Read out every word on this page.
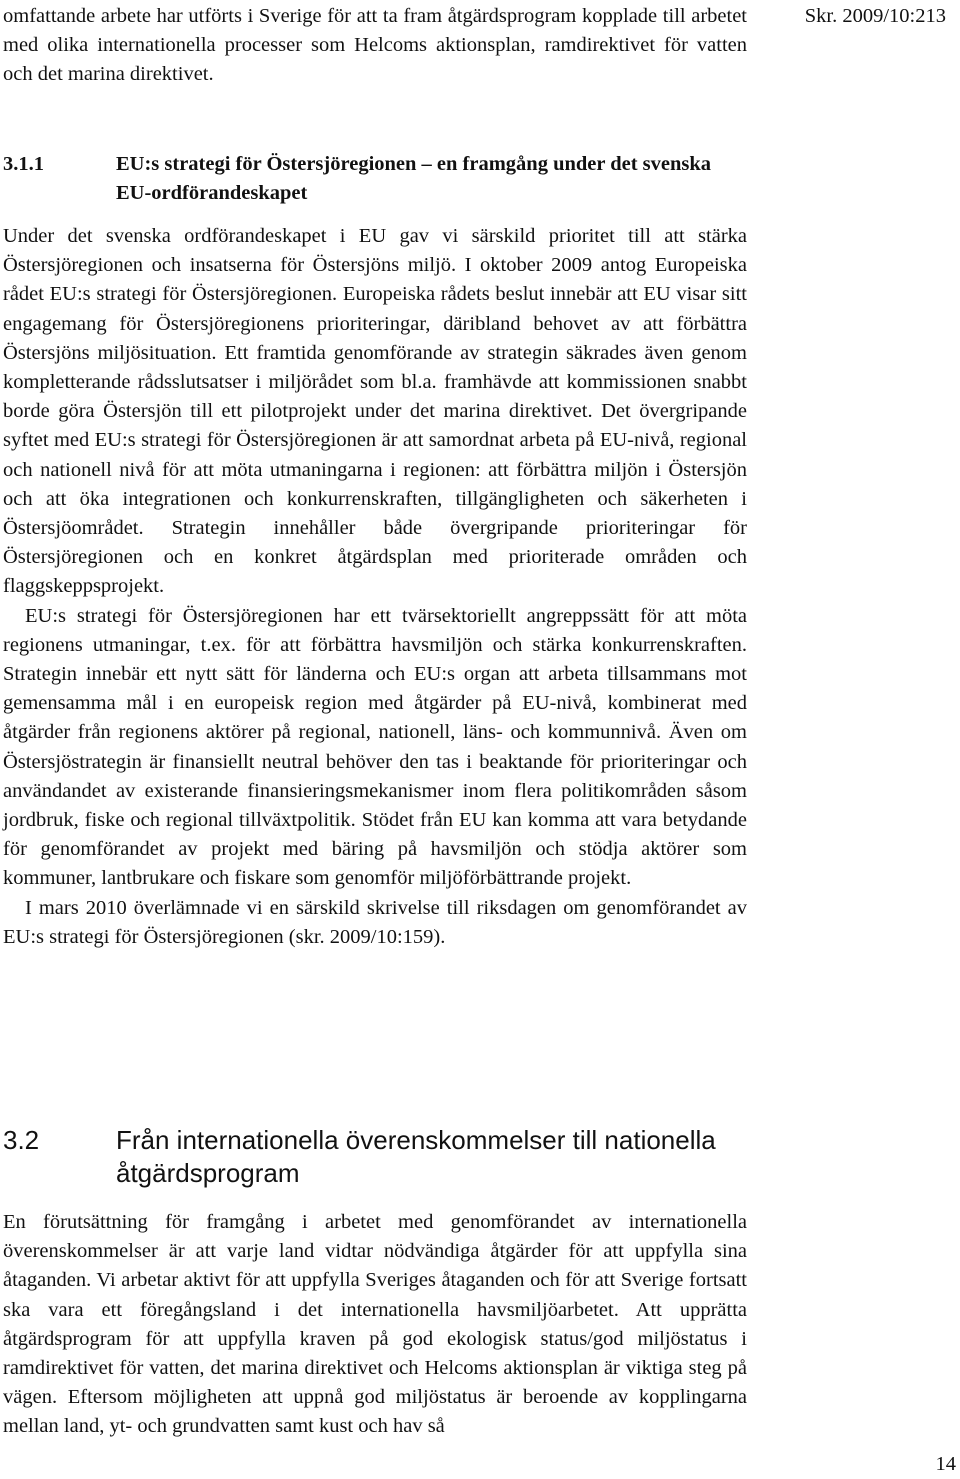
Skr. 2009/10:213

omfattande arbete har utförts i Sverige för att ta fram åtgärdsprogram kopplade till arbetet med olika internationella processer som Helcoms aktionsplan, ramdirektivet för vatten och det marina direktivet.

3.1.1	EU:s strategi för Östersjöregionen – en framgång under det svenska EU-ordförandeskapet

Under det svenska ordförandeskapet i EU gav vi särskild prioritet till att stärka Östersjöregionen och insatserna för Östersjöns miljö. I oktober 2009 antog Europeiska rådet EU:s strategi för Östersjöregionen. Europeiska rådets beslut innebär att EU visar sitt engagemang för Östersjöregionens prioriteringar, däribland behovet av att förbättra Östersjöns miljösituation. Ett framtida genomförande av strategin säkrades även genom kompletterande rådsslutsatser i miljörådet som bl.a. framhävde att kommissionen snabbt borde göra Östersjön till ett pilotprojekt under det marina direktivet. Det övergripande syftet med EU:s strategi för Östersjöregionen är att samordnat arbeta på EU-nivå, regional och nationell nivå för att möta utmaningarna i regionen: att förbättra miljön i Östersjön och att öka integrationen och konkurrenskraften, tillgängligheten och säkerheten i Östersjöområdet. Strategin innehåller både övergripande prioriteringar för Östersjöregionen och en konkret åtgärdsplan med prioriterade områden och flaggskeppsprojekt.

EU:s strategi för Östersjöregionen har ett tvärsektoriellt angreppssätt för att möta regionens utmaningar, t.ex. för att förbättra havsmiljön och stärka konkurrenskraften. Strategin innebär ett nytt sätt för länderna och EU:s organ att arbeta tillsammans mot gemensamma mål i en europeisk region med åtgärder på EU-nivå, kombinerat med åtgärder från regionens aktörer på regional, nationell, läns- och kommunnivå. Även om Östersjöstrategin är finansiellt neutral behöver den tas i beaktande för prioriteringar och användandet av existerande finansieringsmekanismer inom flera politikområden såsom jordbruk, fiske och regional tillväxtpolitik. Stödet från EU kan komma att vara betydande för genomförandet av projekt med bäring på havsmiljön och stödja aktörer som kommuner, lantbrukare och fiskare som genomför miljöförbättrande projekt.

I mars 2010 överlämnade vi en särskild skrivelse till riksdagen om genomförandet av EU:s strategi för Östersjöregionen (skr. 2009/10:159).

3.2	Från internationella överenskommelser till nationella åtgärdsprogram

En förutsättning för framgång i arbetet med genomförandet av internationella överenskommelser är att varje land vidtar nödvändiga åtgärder för att uppfylla sina åtaganden. Vi arbetar aktivt för att uppfylla Sveriges åtaganden och för att Sverige fortsatt ska vara ett föregångsland i det internationella havsmiljöarbetet. Att upprätta åtgärdsprogram för att uppfylla kraven på god ekologisk status/god miljöstatus i ramdirektivet för vatten, det marina direktivet och Helcoms aktionsplan är viktiga steg på vägen. Eftersom möjligheten att uppnå god miljöstatus är beroende av kopplingarna mellan land, yt- och grundvatten samt kust och hav så

14
